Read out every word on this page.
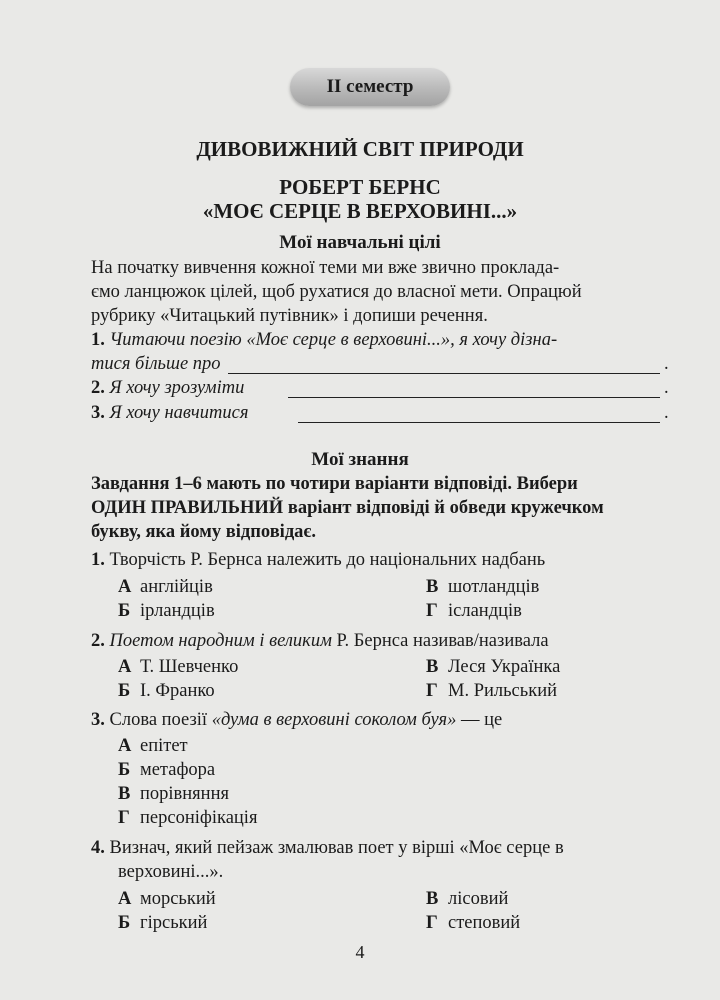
ІІ семестр
ДИВОВИЖНИЙ СВІТ ПРИРОДИ
РОБЕРТ БЕРНС
«МОЄ СЕРЦЕ В ВЕРХОВИНІ...»
Мої навчальні цілі
На початку вивчення кожної теми ми вже звично проклада-
ємо ланцюжок цілей, щоб рухатися до власної мети. Опрацюй
рубрику «Читацький путівник» і допиши речення.
1. Читаючи поезію «Моє серце в верховині...», я хочу дізна-
тися більше про	.
2. Я хочу зрозуміти	.
3. Я хочу навчитися	.
Мої знання
Завдання 1–6 мають по чотири варіанти відповіді. Вибери
ОДИН ПРАВИЛЬНИЙ варіант відповіді й обведи кружечком
букву, яка йому відповідає.
1. Творчість Р. Бернса належить до національних надбань
А англійців	В шотландців
Б ірландців	Г ісландців
2. Поетом народним і великим Р. Бернса називав/називала
А Т. Шевченко	В Леся Українка
Б І. Франко	Г М. Рильський
3. Слова поезії «дума в верховині соколом буя» — це
А епітет
Б метафора
В порівняння
Г персоніфікація
4. Визнач, який пейзаж змалював поет у вірші «Моє серце в
верховині...».
А морський	В лісовий
Б гірський	Г степовий
4
